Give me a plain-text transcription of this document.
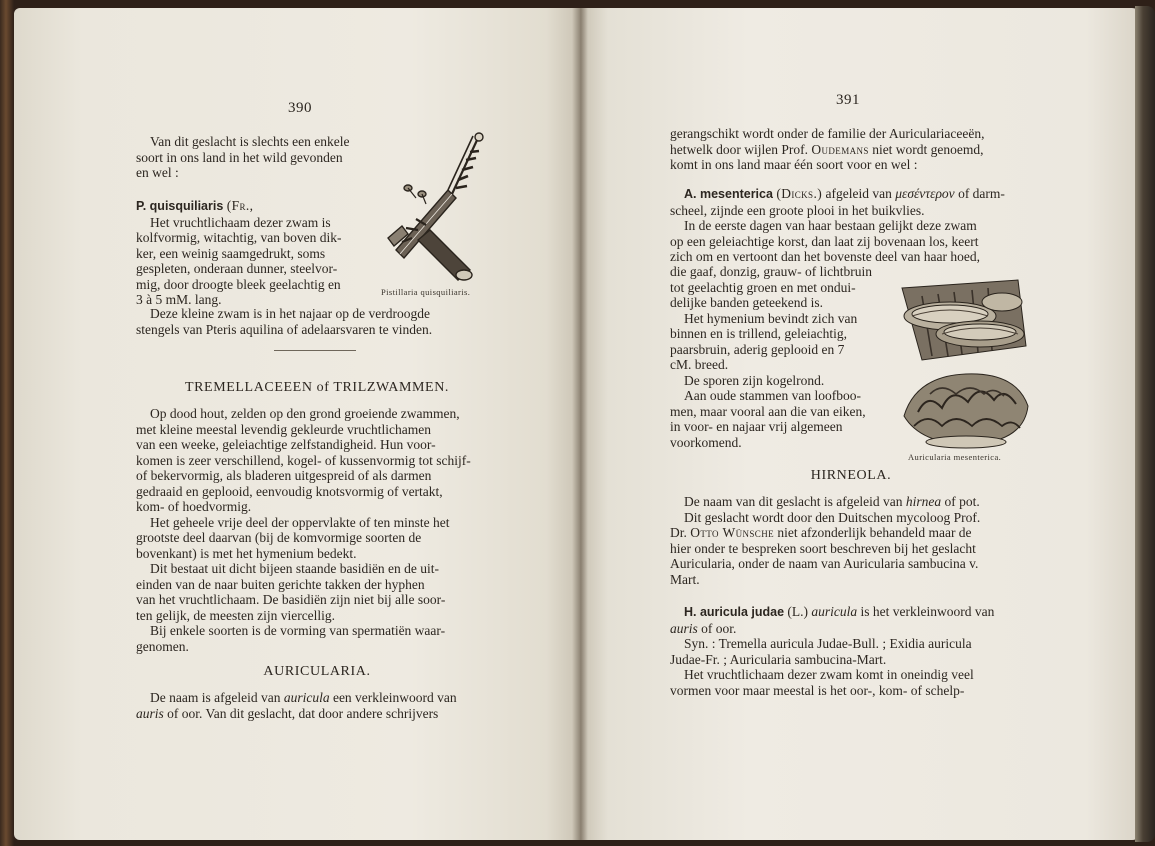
390

Van dit geslacht is slechts een enkele

soort in ons land in het wild gevonden

en wel :

Pistillaria quisquiliaris.

P. quisquiliaris (Fr.,

Het vruchtlichaam dezer zwam is

kolfvormig, witachtig, van boven dik-

ker, een weinig saamgedrukt, soms

gespleten, onderaan dunner, steelvor-

mig, door droogte bleek geelachtig en

3 à 5 mM. lang.

Deze kleine zwam is in het najaar op de verdroogde

stengels van Pteris aquilina of adelaarsvaren te vinden.

TREMELLACEEEN of TRILZWAMMEN.

Op dood hout, zelden op den grond groeiende zwammen,

met kleine meestal levendig gekleurde vruchtlichamen

van een weeke, geleiachtige zelfstandigheid. Hun voor-

komen is zeer verschillend, kogel- of kussenvormig tot schijf-

of bekervormig, als bladeren uitgespreid of als darmen

gedraaid en geplooid, eenvoudig knotsvormig of vertakt,

kom- of hoedvormig.

Het geheele vrije deel der oppervlakte of ten minste het

grootste deel daarvan (bij de komvormige soorten de

bovenkant) is met het hymenium bedekt.

Dit bestaat uit dicht bijeen staande basidiën en de uit-

einden van de naar buiten gerichte takken der hyphen

van het vruchtlichaam. De basidiën zijn niet bij alle soor-

ten gelijk, de meesten zijn viercellig.

Bij enkele soorten is de vorming van spermatiën waar-

genomen.

AURICULARIA.

De naam is afgeleid van auricula een verkleinwoord van

auris of oor. Van dit geslacht, dat door andere schrijvers

391

gerangschikt wordt onder de familie der Auriculariaceeën,

hetwelk door wijlen Prof. Oudemans niet wordt genoemd,

komt in ons land maar één soort voor en wel :

A. mesenterica (Dicks.) afgeleid van μεσέντερον of darm-

scheel, zijnde een groote plooi in het buikvlies.

In de eerste dagen van haar bestaan gelijkt deze zwam

op een geleiachtige korst, dan laat zij bovenaan los, keert

zich om en vertoont dan het bovenste deel van haar hoed,

die gaaf, donzig, grauw- of lichtbruin

tot geelachtig groen en met ondui-

delijke banden geteekend is.

Het hymenium bevindt zich van

binnen en is trillend, geleiachtig,

paarsbruin, aderig geplooid en 7

cM. breed.

De sporen zijn kogelrond.

Aan oude stammen van loofboo-

men, maar vooral aan die van eiken,

in voor- en najaar vrij algemeen

voorkomend.

Auricularia mesenterica.
HIRNEOLA.

De naam van dit geslacht is afgeleid van hirnea of pot.

Dit geslacht wordt door den Duitschen mycoloog Prof.

Dr. Otto Wünsche niet afzonderlijk behandeld maar de

hier onder te bespreken soort beschreven bij het geslacht

Auricularia, onder de naam van Auricularia sambucina v.

Mart.

H. auricula judae (L.) auricula is het verkleinwoord van

auris of oor.

Syn. : Tremella auricula Judae-Bull. ; Exidia auricula

Judae-Fr. ; Auricularia sambucina-Mart.

Het vruchtlichaam dezer zwam komt in oneindig veel

vormen voor maar meestal is het oor-, kom- of schelp-
